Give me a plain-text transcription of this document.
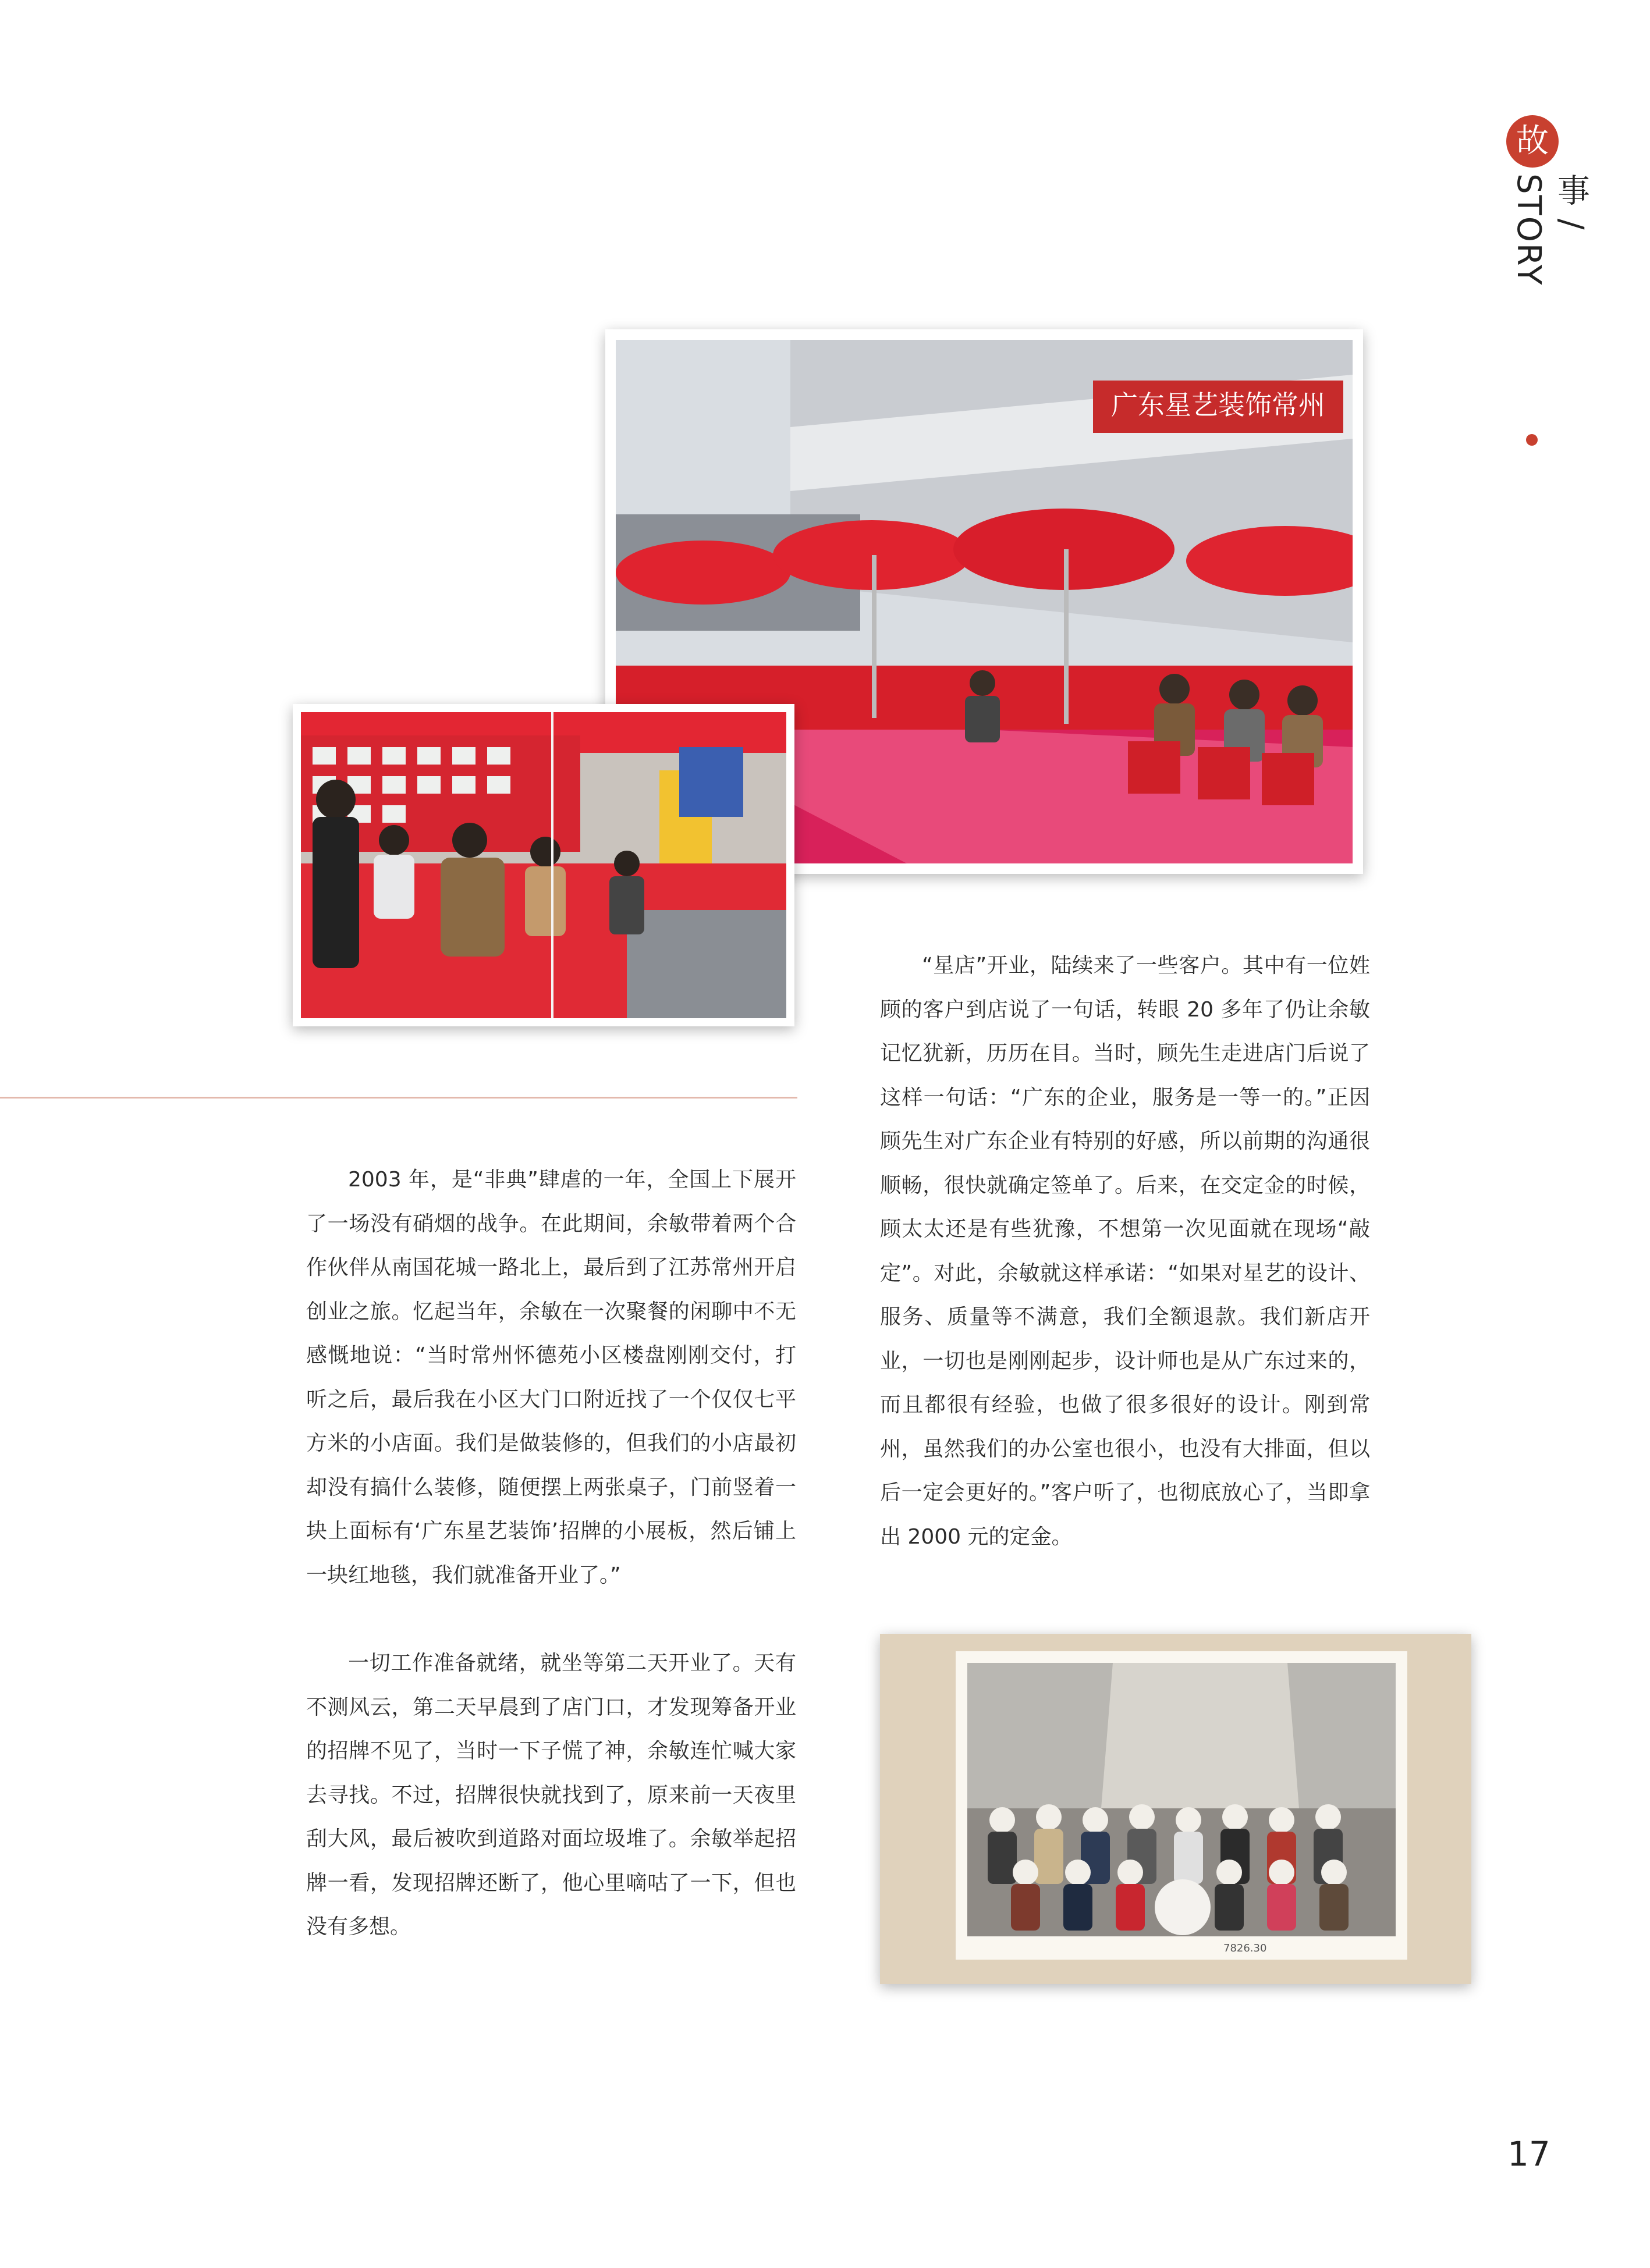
故
事 / STORY
广东星艺装饰常州

2003 年，是“非典”肆虐的一年，全国上下展开了一场没有硝烟的战争。在此期间，余敏带着两个合作伙伴从南国花城一路北上，最后到了江苏常州开启创业之旅。忆起当年，余敏在一次聚餐的闲聊中不无感慨地说：“当时常州怀德苑小区楼盘刚刚交付，打听之后，最后我在小区大门口附近找了一个仅仅七平方米的小店面。我们是做装修的，但我们的小店最初却没有搞什么装修，随便摆上两张桌子，门前竖着一块上面标有‘广东星艺装饰’招牌的小展板，然后铺上一块红地毯，我们就准备开业了。”

一切工作准备就绪，就坐等第二天开业了。天有不测风云，第二天早晨到了店门口，才发现筹备开业的招牌不见了，当时一下子慌了神，余敏连忙喊大家去寻找。不过，招牌很快就找到了，原来前一天夜里刮大风，最后被吹到道路对面垃圾堆了。余敏举起招牌一看，发现招牌还断了，他心里嘀咕了一下，但也没有多想。

“星店”开业，陆续来了一些客户。其中有一位姓顾的客户到店说了一句话，转眼 20 多年了仍让余敏记忆犹新，历历在目。当时，顾先生走进店门后说了这样一句话：“广东的企业，服务是一等一的。”正因顾先生对广东企业有特别的好感，所以前期的沟通很顺畅，很快就确定签单了。后来，在交定金的时候，顾太太还是有些犹豫，不想第一次见面就在现场“敲定”。对此，余敏就这样承诺：“如果对星艺的设计、服务、质量等不满意，我们全额退款。我们新店开业，一切也是刚刚起步，设计师也是从广东过来的，而且都很有经验，也做了很多很好的设计。刚到常州，虽然我们的办公室也很小，也没有大排面，但以后一定会更好的。”客户听了，也彻底放心了，当即拿出 2000 元的定金。

7826.30
17
